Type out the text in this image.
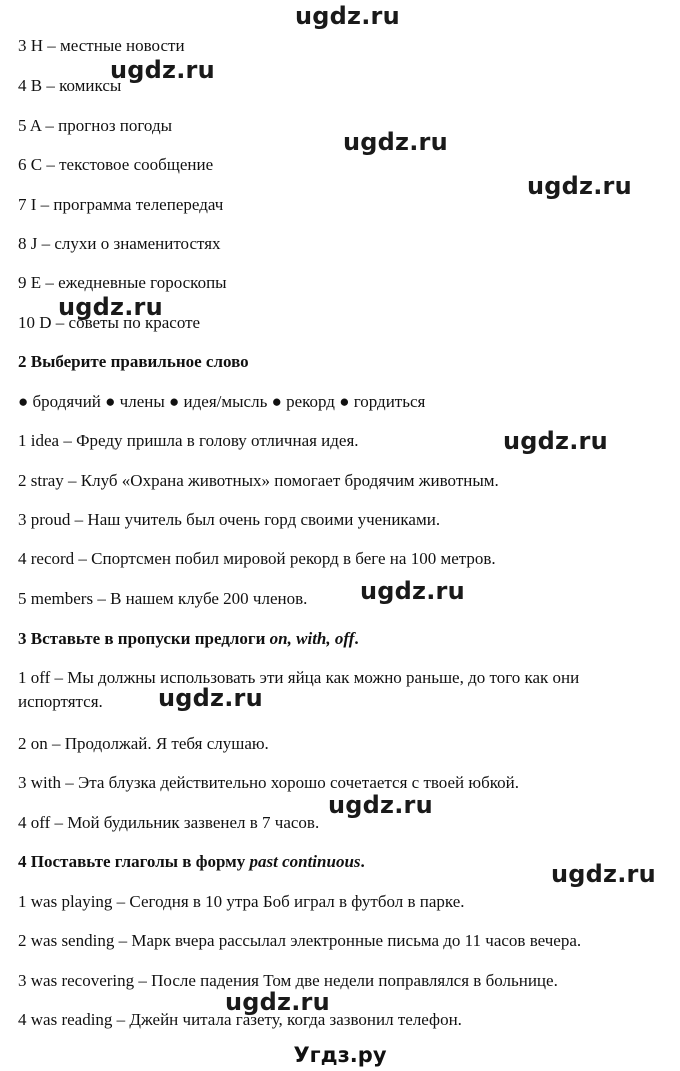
ugdz.ru
ugdz.ru
ugdz.ru
ugdz.ru
ugdz.ru
ugdz.ru
ugdz.ru
ugdz.ru
ugdz.ru
ugdz.ru
ugdz.ru
3 H – местные новости
4 B – комиксы
5 A – прогноз погоды
6 C – текстовое сообщение
7 I – программа телепередач
8 J – слухи о знаменитостях
9 E – ежедневные гороскопы
10 D – советы по красоте
2 Выберите правильное слово
● бродячий ● члены ● идея/мысль ● рекорд ● гордиться
1 idea – Фреду пришла в голову отличная идея.
2 stray – Клуб «Охрана животных» помогает бродячим животным.
3 proud – Наш учитель был очень горд своими учениками.
4 record – Спортсмен побил мировой рекорд в беге на 100 метров.
5 members – В нашем клубе 200 членов.
3 Вставьте в пропуски предлоги on, with, off.
1 off – Мы должны использовать эти яйца как можно раньше, до того как они испортятся.
2 on – Продолжай. Я тебя слушаю.
3 with – Эта блузка действительно хорошо сочетается с твоей юбкой.
4 off – Мой будильник зазвенел в 7 часов.
4 Поставьте глаголы в форму past continuous.
1 was playing – Сегодня в 10 утра Боб играл в футбол в парке.
2 was sending – Марк вчера рассылал электронные письма до 11 часов вечера.
3 was recovering – После падения Том две недели поправлялся в больнице.
4 was reading – Джейн читала газету, когда зазвонил телефон.
Угдз.ру
